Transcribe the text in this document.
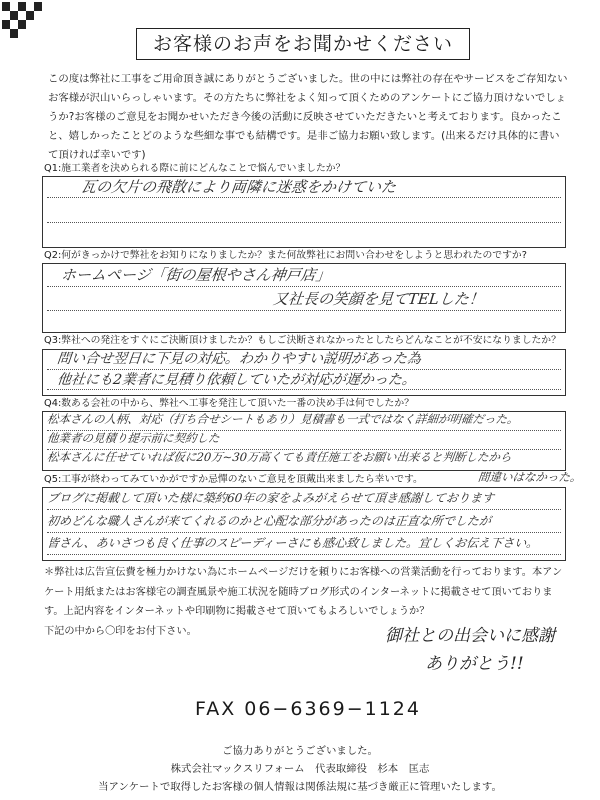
お客様のお声をお聞かせください
この度は弊社に工事をご用命頂き誠にありがとうございました。世の中には弊社の存在やサービスをご存知ないお客様が沢山いらっしゃいます。その方たちに弊社をよく知って頂くためのアンケートにご協力頂けないでしょうか?お客様のご意見をお聞かせいただき今後の活動に反映させていただきたいと考えております。良かったこと、嬉しかったことどのような些細な事でも結構です。是非ご協力お願い致します。(出来るだけ具体的に書いて頂ければ幸いです)
Q1:施工業者を決められる際に前にどんなことで悩んでいましたか？
瓦の欠片の飛散により両隣に迷惑をかけていた
Q2:何がきっかけで弊社をお知りになりましたか？また何故弊社にお問い合わせをしようと思われたのですか?
ホームページ「街の屋根やさん神戸店」
又社長の笑顔を見てTELした！
Q3:弊社への発注をすぐにご決断頂けましたか？もしご決断されなかったとしたらどんなことが不安になりましたか？
問い合せ翌日に下見の対応。わかりやすい説明があった為
他社にも2業者に見積り依頼していたが対応が遅かった。
Q4:数ある会社の中から、弊社へ工事を発注して頂いた一番の決め手は何でしたか？
松本さんの人柄、対応（打ち合せシートもあり）見積書も一式ではなく詳細が明確だった。
他業者の見積り提示前に契約した
松本さんに任せていれば仮に20万~30万高くても責任施工をお願い出来ると判断したから
Q5:工事が終わってみていかがですか忌憚のないご意見を頂戴出来ましたら幸いです。	間違いはなかった。
ブログに掲載して頂いた様に築約60年の家をよみがえらせて頂き感謝しております
初めどんな職人さんが来てくれるのかと心配な部分があったのは正直な所でしたが
皆さん、あいさつも良く仕事のスピーディーさにも感心致しました。宜しくお伝え下さい。
＊弊社は広告宣伝費を極力かけない為にホームページだけを頼りにお客様への営業活動を行っております。本アンケート用紙またはお客様宅の調査風景や施工状況を随時ブログ形式のインターネットに掲載させて頂いております。上記内容をインターネットや印刷物に掲載させて頂いてもよろしいでしょうか？
下記の中から〇印をお付下さい。	御社との出会いに感謝
ありがとう!!
FAX 06−6369−1124
ご協力ありがとうございました。
株式会社マックスリフォーム　代表取締役　杉本　匡志
当アンケートで取得したお客様の個人情報は関係法規に基づき厳正に管理いたします。
